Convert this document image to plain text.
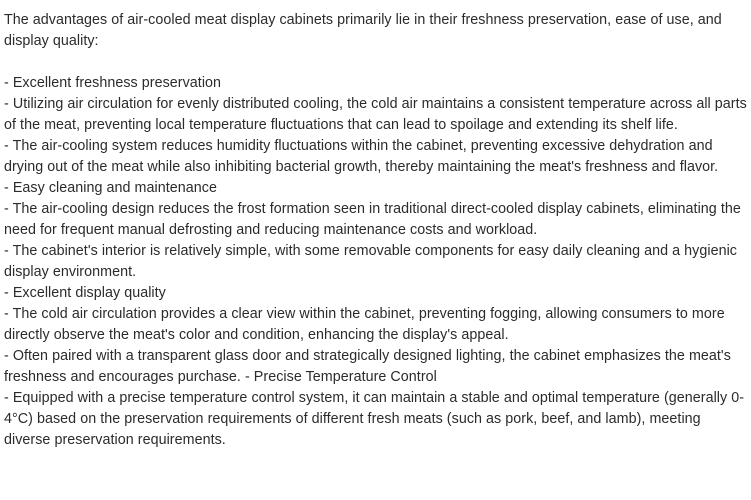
The advantages of air-cooled meat display cabinets primarily lie in their freshness preservation, ease of use, and display quality:

- Excellent freshness preservation

- Utilizing air circulation for evenly distributed cooling, the cold air maintains a consistent temperature across all parts of the meat, preventing local temperature fluctuations that can lead to spoilage and extending its shelf life.

- The air-cooling system reduces humidity fluctuations within the cabinet, preventing excessive dehydration and drying out of the meat while also inhibiting bacterial growth, thereby maintaining the meat's freshness and flavor.

- Easy cleaning and maintenance

- The air-cooling design reduces the frost formation seen in traditional direct-cooled display cabinets, eliminating the need for frequent manual defrosting and reducing maintenance costs and workload.

- The cabinet's interior is relatively simple, with some removable components for easy daily cleaning and a hygienic display environment.

- Excellent display quality

- The cold air circulation provides a clear view within the cabinet, preventing fogging, allowing consumers to more directly observe the meat's color and condition, enhancing the display's appeal.

- Often paired with a transparent glass door and strategically designed lighting, the cabinet emphasizes the meat's freshness and encourages purchase. - Precise Temperature Control

- Equipped with a precise temperature control system, it can maintain a stable and optimal temperature (generally 0-4°C) based on the preservation requirements of different fresh meats (such as pork, beef, and lamb), meeting diverse preservation requirements.
